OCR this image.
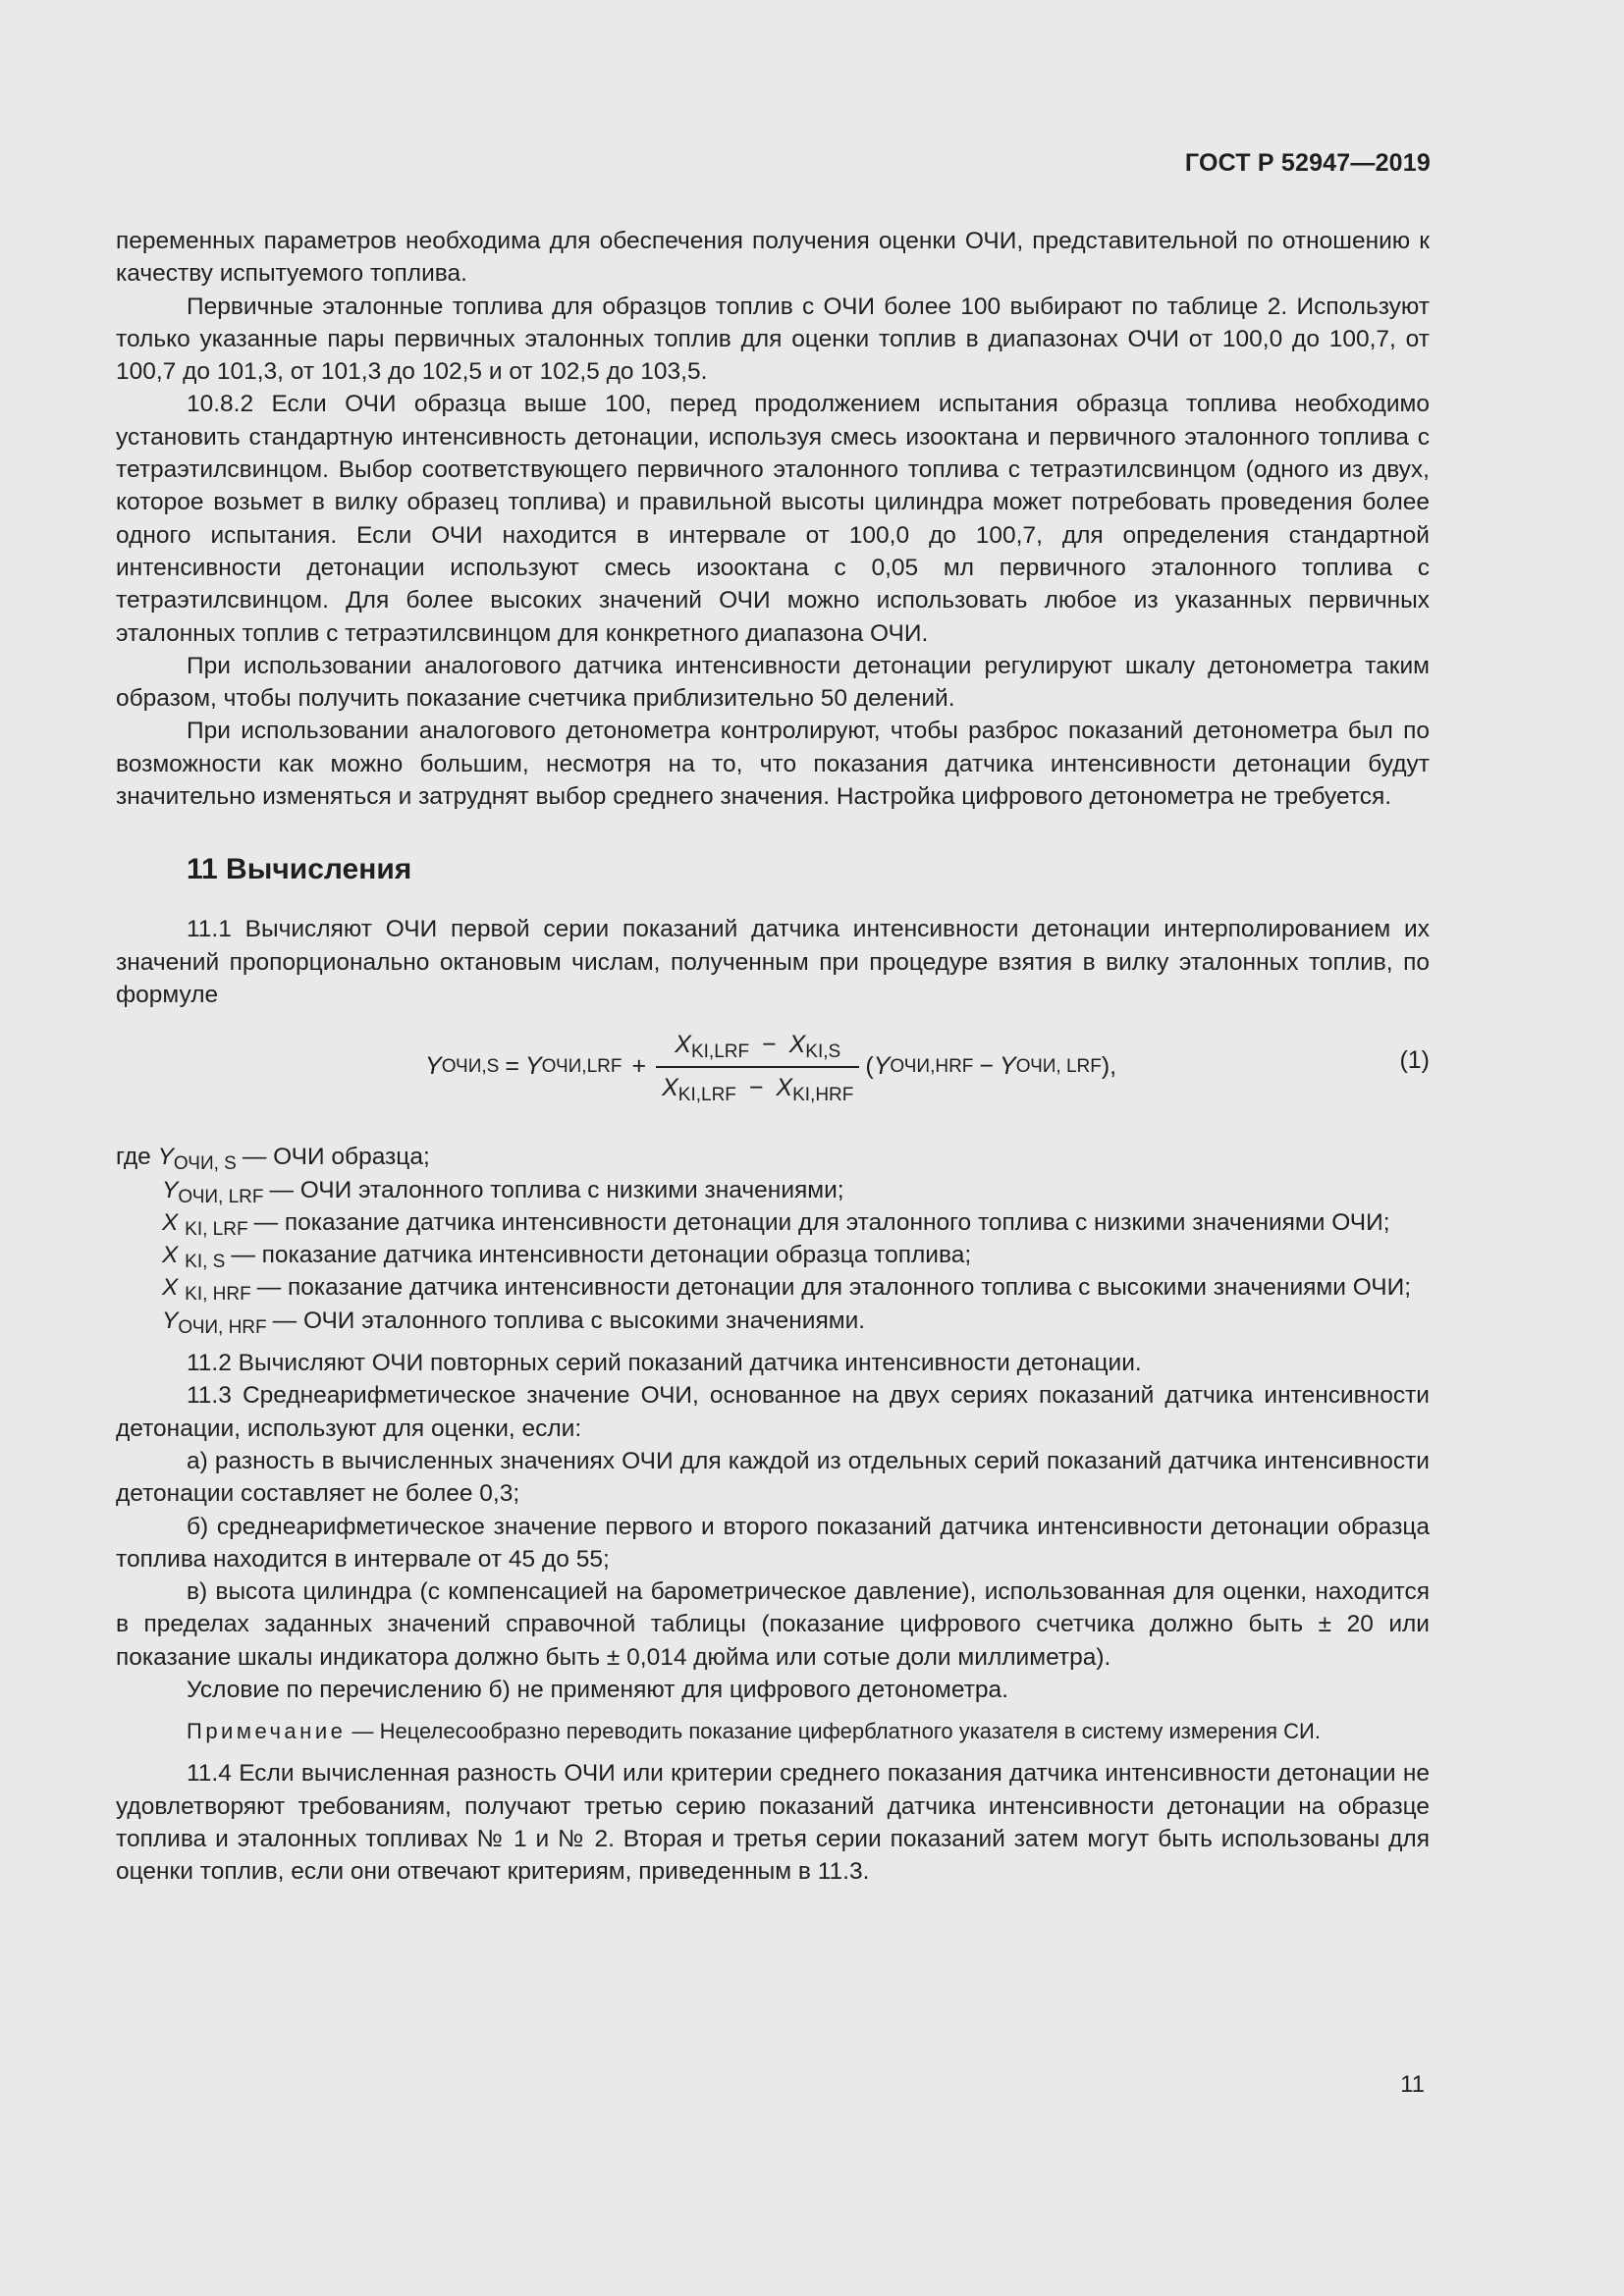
ГОСТ Р 52947—2019

переменных параметров необходима для обеспечения получения оценки ОЧИ, представительной по отношению к качеству испытуемого топлива.

Первичные эталонные топлива для образцов топлив с ОЧИ более 100 выбирают по таблице 2. Используют только указанные пары первичных эталонных топлив для оценки топлив в диапазонах ОЧИ от 100,0 до 100,7, от 100,7 до 101,3, от 101,3 до 102,5 и от 102,5 до 103,5.

10.8.2 Если ОЧИ образца выше 100, перед продолжением испытания образца топлива необходимо установить стандартную интенсивность детонации, используя смесь изооктана и первичного эталонного топлива с тетраэтилсвинцом. Выбор соответствующего первичного эталонного топлива с тетраэтилсвинцом (одного из двух, которое возьмет в вилку образец топлива) и правильной высоты цилиндра может потребовать проведения более одного испытания. Если ОЧИ находится в интервале от 100,0 до 100,7, для определения стандартной интенсивности детонации используют смесь изооктана с 0,05 мл первичного эталонного топлива с тетраэтилсвинцом. Для более высоких значений ОЧИ можно использовать любое из указанных первичных эталонных топлив с тетраэтилсвинцом для конкретного диапазона ОЧИ.

При использовании аналогового датчика интенсивности детонации регулируют шкалу детонометра таким образом, чтобы получить показание счетчика приблизительно 50 делений.

При использовании аналогового детонометра контролируют, чтобы разброс показаний детонометра был по возможности как можно большим, несмотря на то, что показания датчика интенсивности детонации будут значительно изменяться и затруднят выбор среднего значения. Настройка цифрового детонометра не требуется.

11 Вычисления

11.1 Вычисляют ОЧИ первой серии показаний датчика интенсивности детонации интерполированием их значений пропорционально октановым числам, полученным при процедуре взятия в вилку эталонных топлив, по формуле

Y ОЧИ,S = Y $ОЧИ,LRF + \frac{X_{KI,LRF} - X_{KI,S}}{X_{KI,LRF} - X_{KI,HRF}}$ ( Y ОЧИ,HRF − Y ОЧИ, LRF ),	(1)
где $Y_{ОЧИ, S}$ — ОЧИ образца;
$Y_{ОЧИ, LRF}$ — ОЧИ эталонного топлива с низкими значениями;
X $_{KI, LRF}$ — показание датчика интенсивности детонации для эталонного топлива с низкими значениями ОЧИ;
X $_{KI, S}$ — показание датчика интенсивности детонации образца топлива;
X $_{KI, HRF}$ — показание датчика интенсивности детонации для эталонного топлива с высокими значениями ОЧИ;
$Y_{ОЧИ, HRF}$ — ОЧИ эталонного топлива с высокими значениями.

11.2 Вычисляют ОЧИ повторных серий показаний датчика интенсивности детонации.

11.3 Среднеарифметическое значение ОЧИ, основанное на двух сериях показаний датчика интенсивности детонации, используют для оценки, если:

а) разность в вычисленных значениях ОЧИ для каждой из отдельных серий показаний датчика интенсивности детонации составляет не более 0,3;

б) среднеарифметическое значение первого и второго показаний датчика интенсивности детонации образца топлива находится в интервале от 45 до 55;

в) высота цилиндра (с компенсацией на барометрическое давление), использованная для оценки, находится в пределах заданных значений справочной таблицы (показание цифрового счетчика должно быть ± 20 или показание шкалы индикатора должно быть ± 0,014 дюйма или сотые доли миллиметра).

Условие по перечислению б) не применяют для цифрового детонометра.

Примечание — Нецелесообразно переводить показание циферблатного указателя в систему измерения СИ.

11.4 Если вычисленная разность ОЧИ или критерии среднего показания датчика интенсивности детонации не удовлетворяют требованиям, получают третью серию показаний датчика интенсивности детонации на образце топлива и эталонных топливах № 1 и № 2. Вторая и третья серии показаний затем могут быть использованы для оценки топлив, если они отвечают критериям, приведенным в 11.3.

11
